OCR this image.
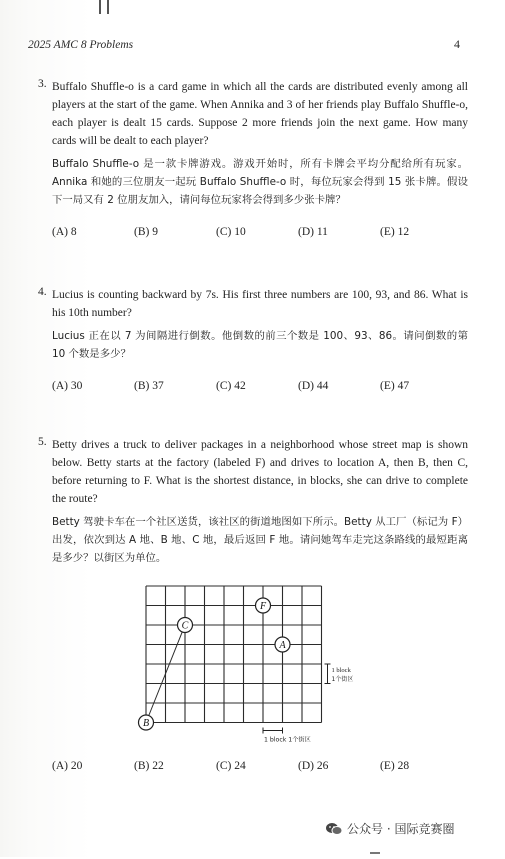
2025 AMC 8 Problems	4
3. Buffalo Shuffle-o is a card game in which all the cards are distributed evenly among all players at the start of the game. When Annika and 3 of her friends play Buffalo Shuffle-o, each player is dealt 15 cards. Suppose 2 more friends join the next game. How many cards will be dealt to each player?
Buffalo Shuffle-o 是一款卡牌游戏。游戏开始时，所有卡牌会平均分配给所有玩家。Annika 和她的三位朋友一起玩 Buffalo Shuffle-o 时，每位玩家会得到 15 张卡牌。假设下一局又有 2 位朋友加入，请问每位玩家将会得到多少张卡牌？
(A) 8	(B) 9	(C) 10	(D) 11	(E) 12
4. Lucius is counting backward by 7s. His first three numbers are 100, 93, and 86. What is his 10th number?
Lucius 正在以 7 为间隔进行倒数。他倒数的前三个数是 100、93、86。请问倒数的第 10 个数是多少？
(A) 30	(B) 37	(C) 42	(D) 44	(E) 47
5. Betty drives a truck to deliver packages in a neighborhood whose street map is shown below. Betty starts at the factory (labeled F) and drives to location A, then B, then C, before returning to F. What is the shortest distance, in blocks, she can drive to complete the route?
Betty 驾驶卡车在一个社区送货，该社区的街道地图如下所示。Betty 从工厂（标记为 F）出发，依次到达 A 地、B 地、C 地，最后返回 F 地。请问她驾车走完这条路线的最短距离是多少？以街区为单位。
F
C
A
B
1 block
1个街区
1 block 1个街区
(A) 20	(B) 22	(C) 24	(D) 26	(E) 28
公众号 · 国际竞赛圈
